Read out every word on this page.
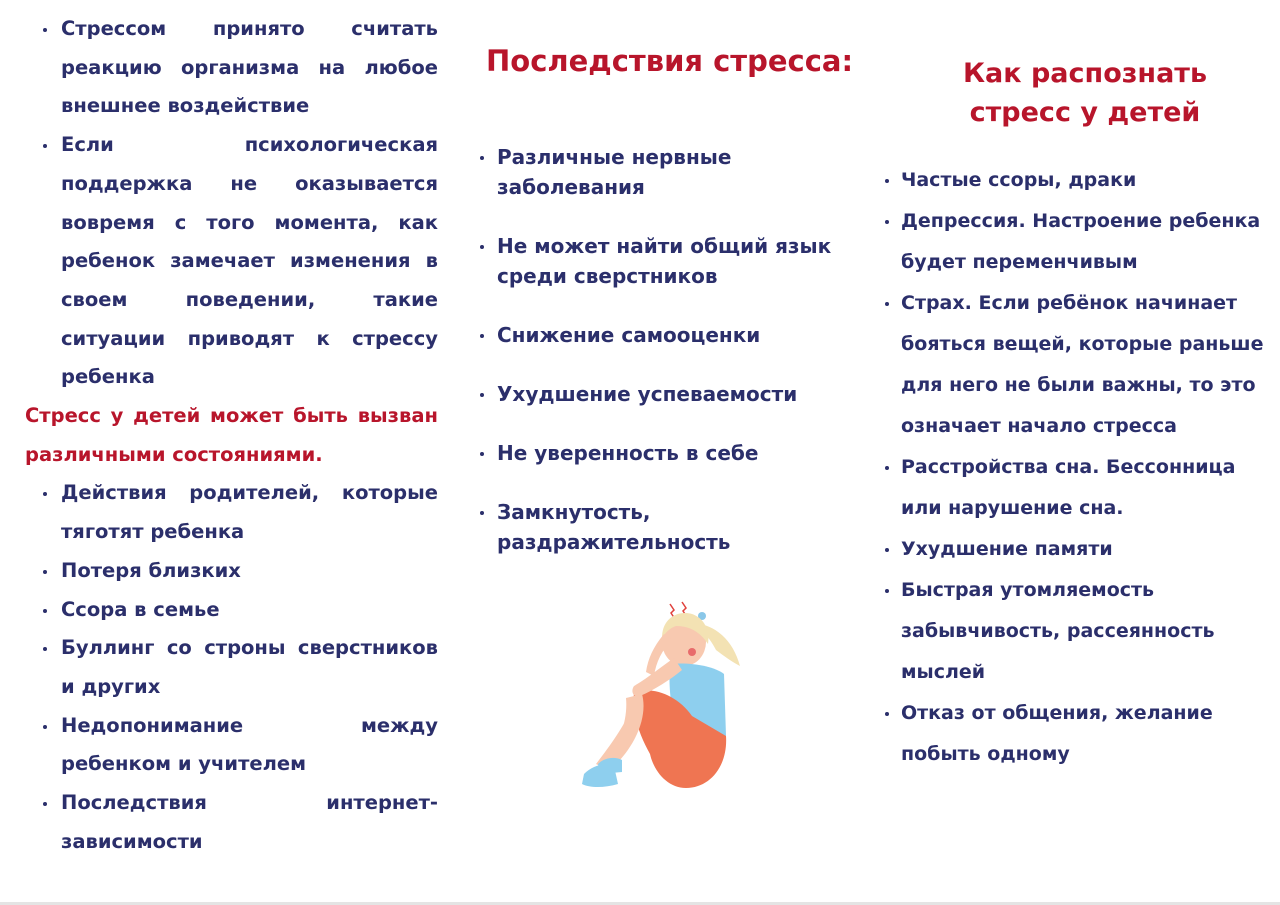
Стрессом принято считать реакцию организма на любое внешнее воздействие
Если психологическая поддержка не оказывается вовремя с того момента, как ребенок замечает изменения в своем поведении, такие ситуации приводят к стрессу ребенка

Стресс у детей может быть вызван
различными состояниями.

Действия родителей, которые тяготят ребенка
Потеря близких
Ссора в семье
Буллинг со строны сверстников и других
Недопонимание между ребенком и учителем
Последствия интернет-зависимости
Последствия стресса:
Различные нервные заболевания
Не может найти общий язык среди сверстников
Снижение самооценки
Ухудшение успеваемости
Не уверенность в себе
Замкнутость, раздражительность
Как распознать
стресс у детей
Частые ссоры, драки
Депрессия. Настроение ребенка будет переменчивым
Страх. Если ребёнок начинает бояться вещей, которые раньше для него не были важны, то это означает начало стресса
Расстройства сна. Бессонница или нарушение сна.
Ухудшение памяти
Быстрая утомляемость забывчивость, рассеянность мыслей
Отказ от общения, желание побыть одному
